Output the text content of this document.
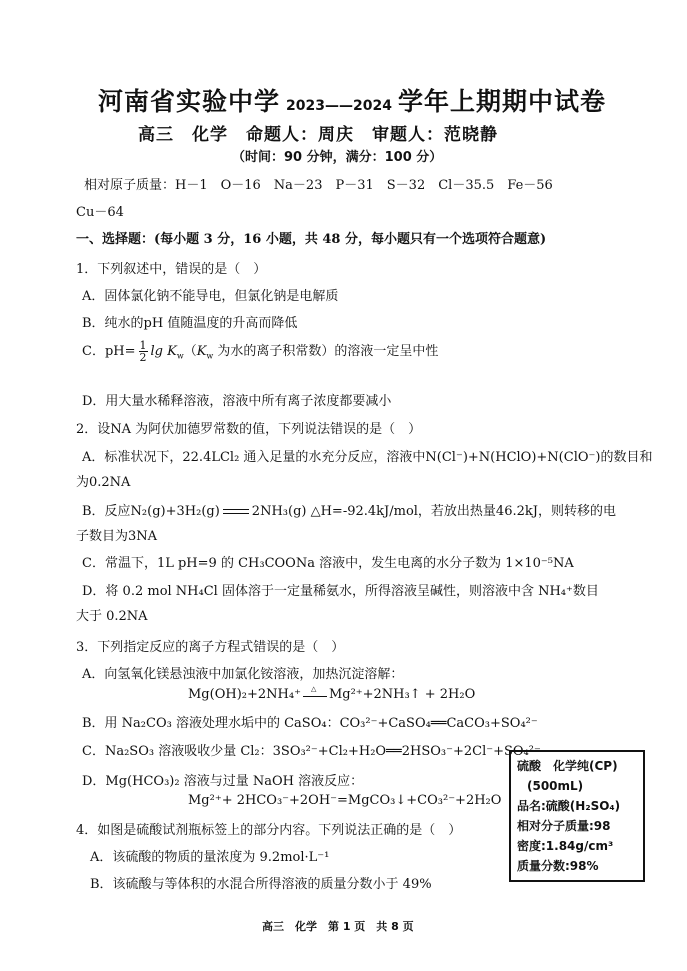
河南省实验中学 2023——2024 学年上期期中试卷
高三　化学　命题人：周庆　审题人：范晓静
（时间：90 分钟，满分：100 分）
相对原子质量：H－1　O－16　Na－23　P－31　S－32　Cl－35.5　Fe－56
Cu－64
一、选择题：(每小题 3 分，16 小题，共 48 分，每小题只有一个选项符合题意)
1．下列叙述中，错误的是（　）
A．固体氯化钠不能导电，但氯化钠是电解质
B．纯水的pH 值随温度的升高而降低
C．$pH= \frac{1}{2}$ $\lg K_w(K_w$ 为水的离子积常数）的溶液一定呈中性
D．用大量水稀释溶液，溶液中所有离子浓度都要减小
2．设NA 为阿伏加德罗常数的值，下列说法错误的是（　）
A．标准状况下，22.4LCl₂ 通入足量的水充分反应，溶液中N(Cl⁻)+N(HClO)+N(ClO⁻)的数目和
为0.2NA
B．反应N₂(g)+3H₂(g) 2NH₃(g) △H=-92.4kJ/mol，若放出热量46.2kJ，则转移的电
子数目为3NA
C．常温下，1L pH=9 的 CH₃COONa 溶液中，发生电离的水分子数为 1×10⁻⁵NA
D．将 0.2 mol NH₄Cl 固体溶于一定量稀氨水，所得溶液呈碱性，则溶液中含 NH₄⁺数目
大于 0.2NA
3．下列指定反应的离子方程式错误的是（　）
A．向氢氧化镁悬浊液中加氯化铵溶液，加热沉淀溶解：
Mg(OH)₂+2NH₄⁺ △ Mg²⁺+2NH₃↑ + 2H₂O
B．用 Na₂CO₃ 溶液处理水垢中的 CaSO₄：CO₃²⁻+CaSO₄══CaCO₃+SO₄²⁻
C．Na₂SO₃ 溶液吸收少量 Cl₂：3SO₃²⁻+Cl₂+H₂O══2HSO₃⁻+2Cl⁻+SO₄²⁻
D．Mg(HCO₃)₂ 溶液与过量 NaOH 溶液反应：
Mg²⁺+ 2HCO₃⁻+2OH⁻=MgCO₃↓+CO₃²⁻+2H₂O
4．如图是硫酸试剂瓶标签上的部分内容。下列说法正确的是（　）
A．该硫酸的物质的量浓度为 9.2mol·L⁻¹
B．该硫酸与等体积的水混合所得溶液的质量分数小于 49%
硫酸　化学纯(CP)
(500mL)
品名:硫酸(H₂SO₄)
相对分子质量:98
密度:1.84g/cm³
质量分数:98%
高三　化学　第 1 页　共 8 页
